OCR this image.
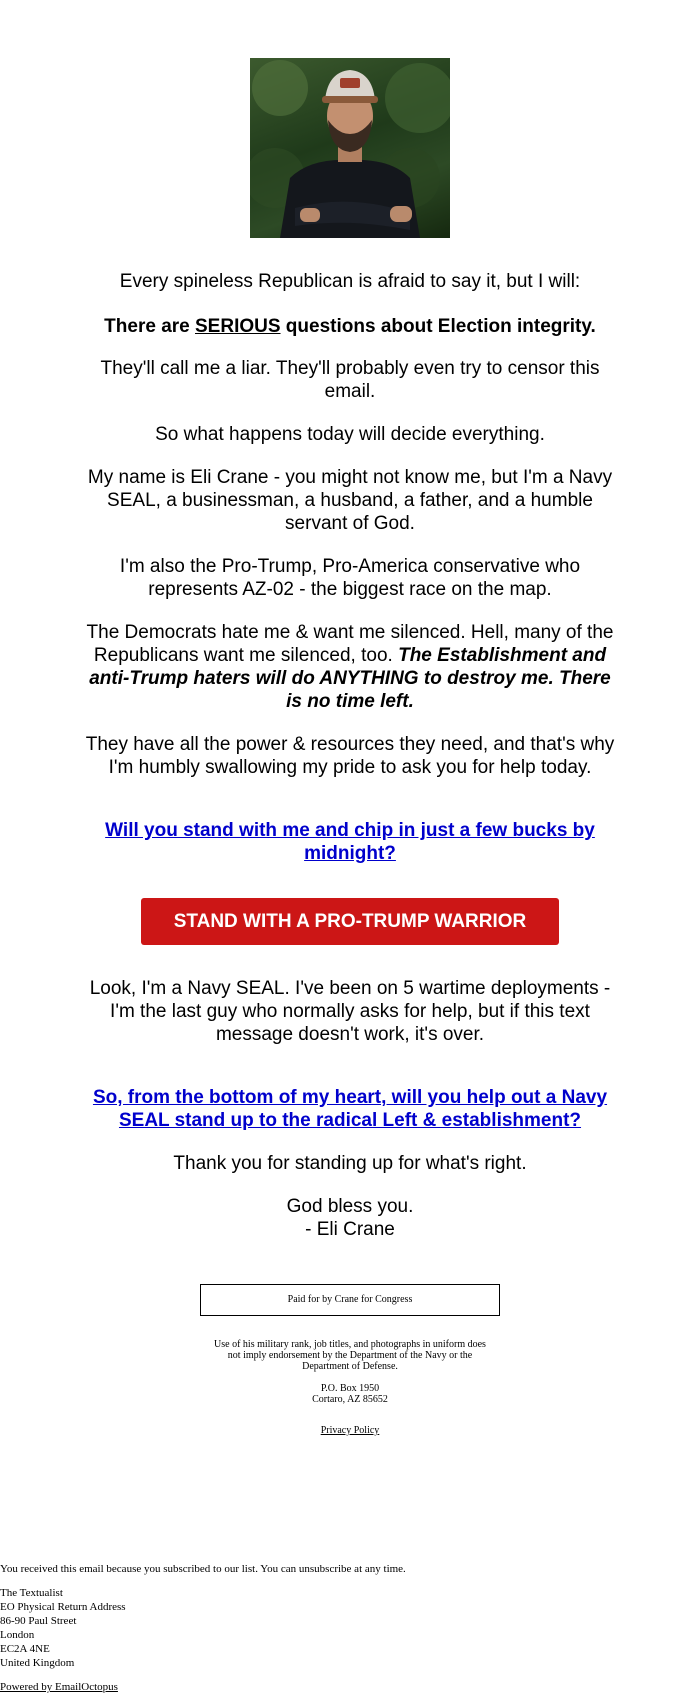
Every spineless Republican is afraid to say it, but I will:

There are SERIOUS questions about Election integrity.

They'll call me a liar. They'll probably even try to censor this email.

So what happens today will decide everything.

My name is Eli Crane - you might not know me, but I'm a Navy SEAL, a businessman, a husband, a father, and a humble servant of God.

I'm also the Pro-Trump, Pro-America conservative who represents AZ-02 - the biggest race on the map.

The Democrats hate me & want me silenced. Hell, many of the Republicans want me silenced, too. The Establishment and anti-Trump haters will do ANYTHING to destroy me. There is no time left.

They have all the power & resources they need, and that's why I'm humbly swallowing my pride to ask you for help today.

Will you stand with me and chip in just a few bucks by midnight?
STAND WITH A PRO-TRUMP WARRIOR

Look, I'm a Navy SEAL. I've been on 5 wartime deployments - I'm the last guy who normally asks for help, but if this text message doesn't work, it's over.

So, from the bottom of my heart, will you help out a Navy SEAL stand up to the radical Left & establishment?

Thank you for standing up for what's right.

God bless you.
- Eli Crane

Paid for by Crane for Congress
Use of his military rank, job titles, and photographs in uniform does not imply endorsement by the Department of the Navy or the Department of Defense.
P.O. Box 1950
Cortaro, AZ 85652
Privacy Policy
You received this email because you subscribed to our list. You can unsubscribe at any time.
The Textualist
EO Physical Return Address
86-90 Paul Street
London
EC2A 4NE
United Kingdom
Powered by EmailOctopus
